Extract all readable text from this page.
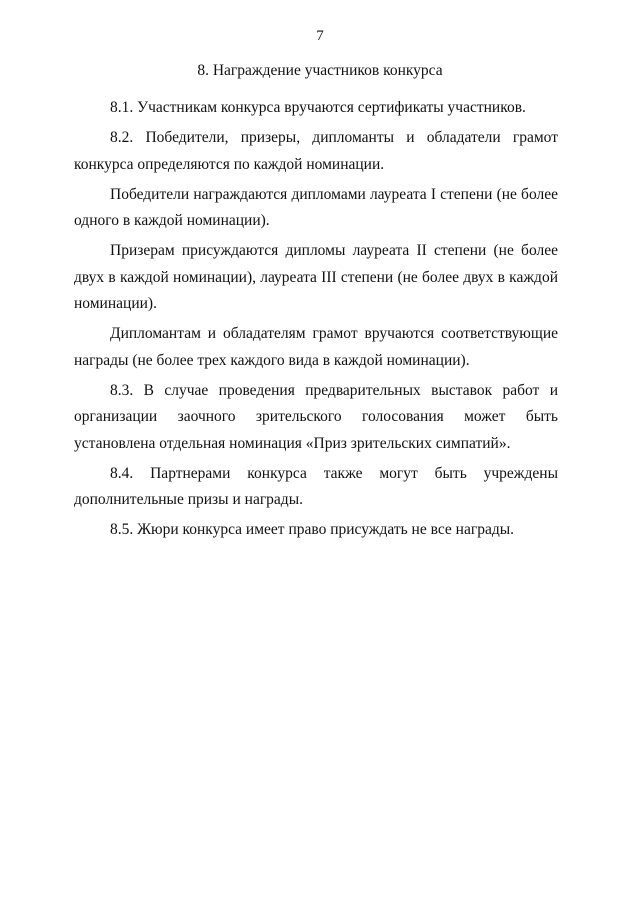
7
8. Награждение участников конкурса

8.1. Участникам конкурса вручаются сертификаты участников.

8.2. Победители, призеры, дипломанты и обладатели грамот конкурса определяются по каждой номинации.

Победители награждаются дипломами лауреата I степени (не более одного в каждой номинации).

Призерам присуждаются дипломы лауреата II степени (не более двух в каждой номинации), лауреата III степени (не более двух в каждой номинации).

Дипломантам и обладателям грамот вручаются соответствующие награды (не более трех каждого вида в каждой номинации).

8.3. В случае проведения предварительных выставок работ и организации заочного зрительского голосования может быть установлена отдельная номинация «Приз зрительских симпатий».

8.4. Партнерами конкурса также могут быть учреждены дополнительные призы и награды.

8.5. Жюри конкурса имеет право присуждать не все награды.
